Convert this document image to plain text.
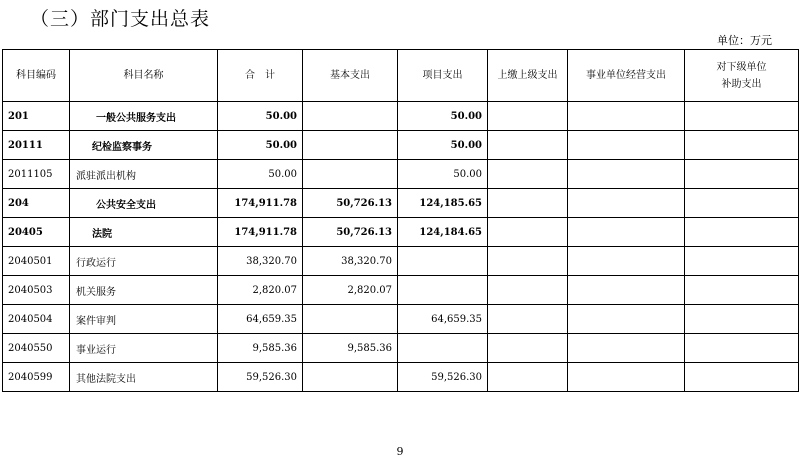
（三）部门支出总表
单位：万元
科目编码	科目名称	合　计	基本支出	项目支出	上缴上级支出	事业单位经营支出	对下级单位
补助支出
201	一般公共服务支出	50.00		50.00			
20111	纪检监察事务	50.00		50.00			
2011105	派驻派出机构	50.00		50.00			
204	公共安全支出	174,911.78	50,726.13	124,185.65			
20405	法院	174,911.78	50,726.13	124,184.65			
2040501	行政运行	38,320.70	38,320.70				
2040503	机关服务	2,820.07	2,820.07				
2040504	案件审判	64,659.35		64,659.35			
2040550	事业运行	9,585.36	9,585.36				
2040599	其他法院支出	59,526.30		59,526.30			
9
